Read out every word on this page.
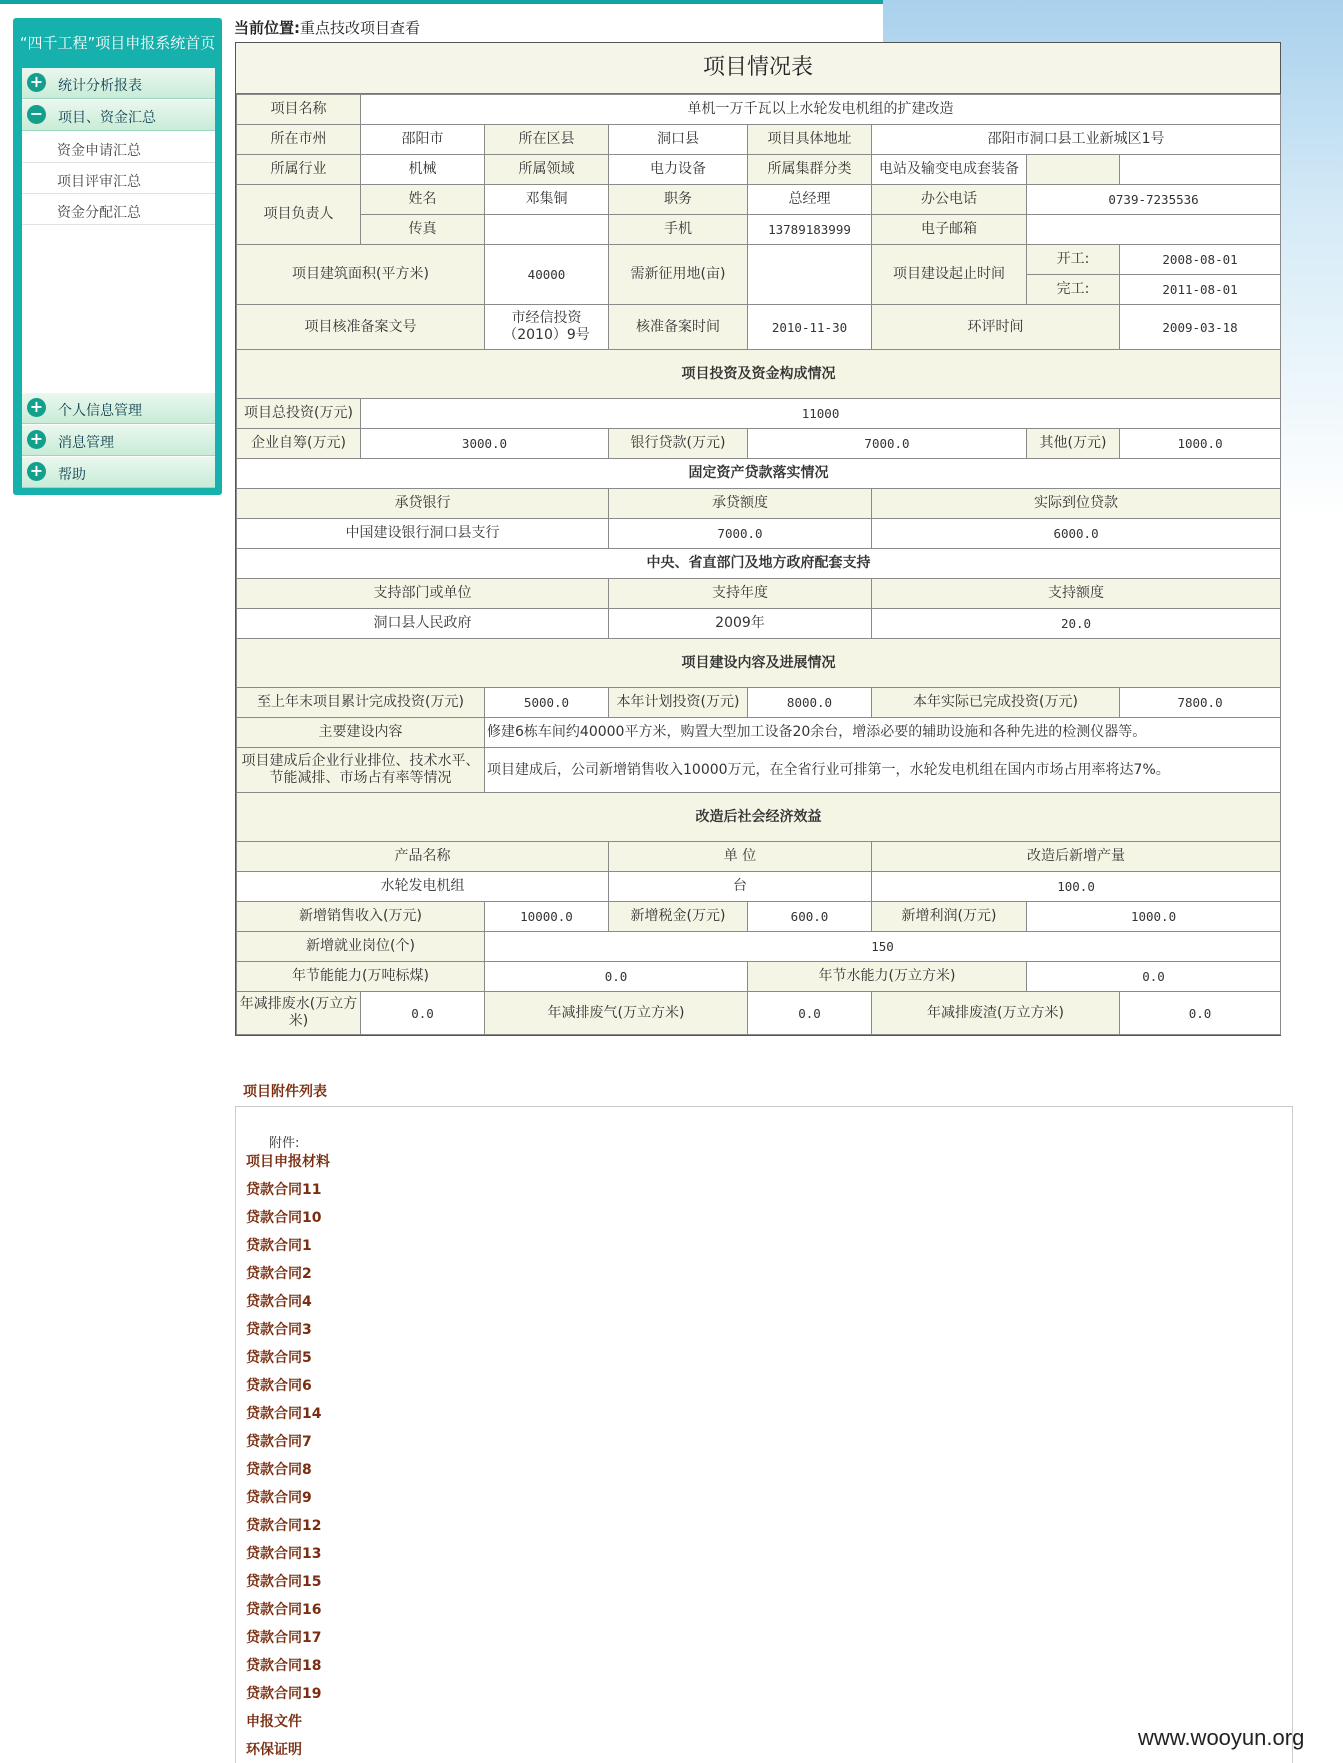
“四千工程”项目申报系统首页
+ 统计分析报表
− 项目、资金汇总
资金申请汇总
项目评审汇总
资金分配汇总
+ 个人信息管理
+ 消息管理
+ 帮助
当前位置:重点技改项目查看
项目情况表
项目名称	单机一万千瓦以上水轮发电机组的扩建改造						
所在市州	邵阳市	所在区县	洞口县	项目具体地址	邵阳市洞口县工业新城区1号		
所属行业	机械	所属领域	电力设备	所属集群分类	电站及输变电成套装备		
项目负责人	姓名	邓集铜	职务	总经理	办公电话	0739-7235536	
	传真		手机	13789183999	电子邮箱		
项目建筑面积(平方米)		40000	需新征用地(亩)		项目建设起止时间	开工:	2008-08-01
						完工:	2011-08-01
项目核准备案文号		市经信投资（2010）9号	核准备案时间	2010-11-30	环评时间		2009-03-18
项目投资及资金构成情况							
项目总投资(万元)	11000						
企业自筹(万元)	3000.0		银行贷款(万元)	7000.0		其他(万元)	1000.0
固定资产贷款落实情况							
承贷银行			承贷额度		实际到位贷款		
中国建设银行洞口县支行			7000.0		6000.0		
中央、省直部门及地方政府配套支持							
支持部门或单位			支持年度		支持额度		
洞口县人民政府			2009年		20.0		
项目建设内容及进展情况							
至上年末项目累计完成投资(万元)		5000.0	本年计划投资(万元)	8000.0	本年实际已完成投资(万元)		7800.0
主要建设内容		修建6栋车间约40000平方米，购置大型加工设备20余台，增添必要的辅助设施和各种先进的检测仪器等。					
项目建成后企业行业排位、技术水平、节能减排、市场占有率等情况		项目建成后，公司新增销售收入10000万元，在全省行业可排第一，水轮发电机组在国内市场占用率将达7%。					
改造后社会经济效益							
产品名称			单 位		改造后新增产量		
水轮发电机组			台		100.0		
新增销售收入(万元)		10000.0	新增税金(万元)	600.0	新增利润(万元)	1000.0	
新增就业岗位(个)		150					
年节能能力(万吨标煤)		0.0		年节水能力(万立方米)		0.0	
年减排废水(万立方米)	0.0	年减排废气(万立方米)		0.0	年减排废渣(万立方米)		0.0
项目附件列表
附件:
项目申报材料
贷款合同11
贷款合同10
贷款合同1
贷款合同2
贷款合同4
贷款合同3
贷款合同5
贷款合同6
贷款合同14
贷款合同7
贷款合同8
贷款合同9
贷款合同12
贷款合同13
贷款合同15
贷款合同16
贷款合同17
贷款合同18
贷款合同19
申报文件
环保证明	www.wooyun.org
